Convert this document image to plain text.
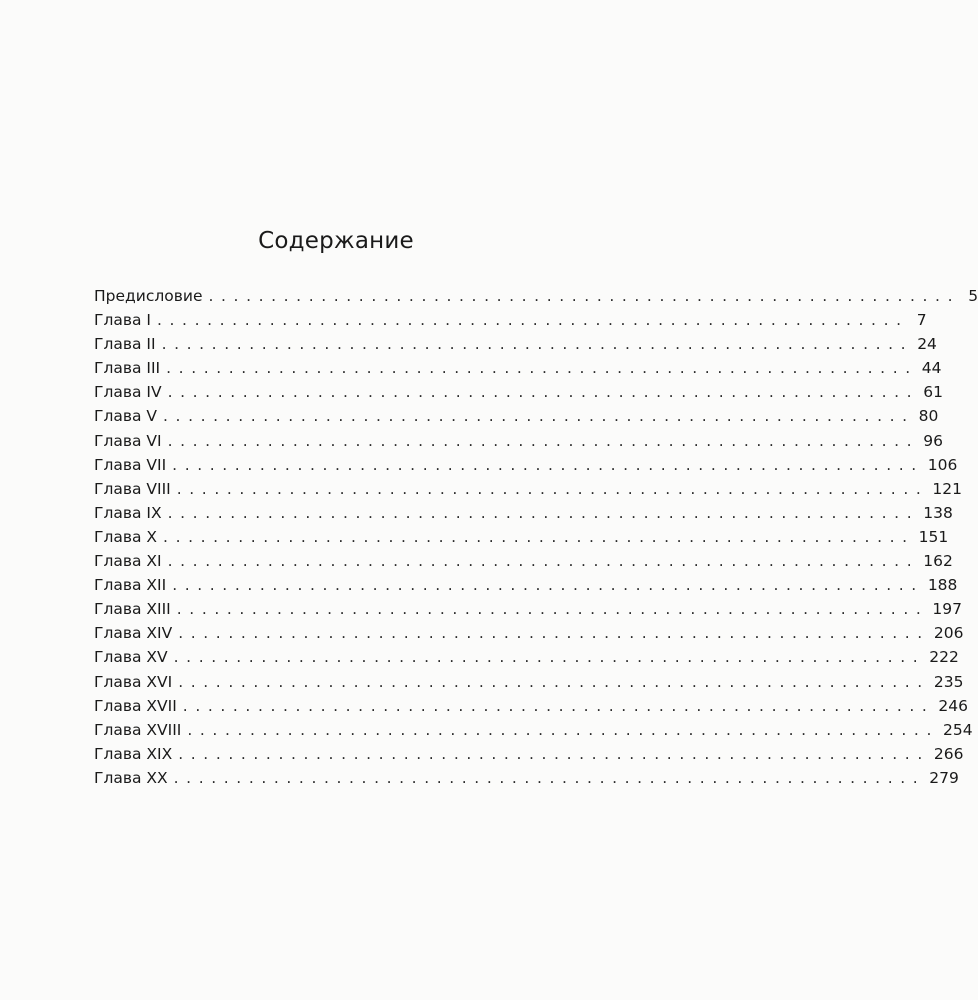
Содержание
Предисловие ............................................................ 5
Глава I ............................................................ 7
Глава II ............................................................ 24
Глава III ............................................................ 44
Глава IV ............................................................ 61
Глава V ............................................................ 80
Глава VI ............................................................ 96
Глава VII ............................................................ 106
Глава VIII ............................................................ 121
Глава IX ............................................................ 138
Глава X ............................................................ 151
Глава XI ............................................................ 162
Глава XII ............................................................ 188
Глава XIII ............................................................ 197
Глава XIV ............................................................ 206
Глава XV ............................................................ 222
Глава XVI ............................................................ 235
Глава XVII ............................................................ 246
Глава XVIII ............................................................ 254
Глава XIX ............................................................ 266
Глава XX ............................................................ 279
